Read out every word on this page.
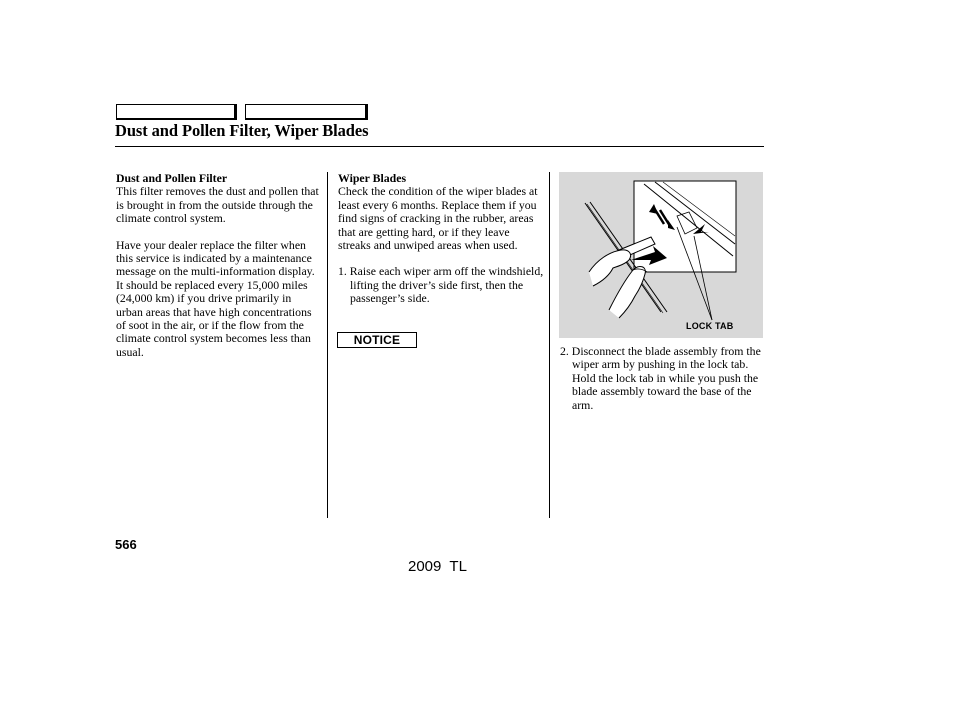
Dust and Pollen Filter, Wiper Blades

Dust and Pollen Filter

This filter removes the dust and pollen that is brought in from the outside through the climate control system.

Have your dealer replace the filter when this service is indicated by a maintenance message on the multi-information display. It should be replaced every 15,000 miles (24,000 km) if you drive primarily in urban areas that have high concentrations of soot in the air, or if the flow from the climate control system becomes less than usual.

Wiper Blades

Check the condition of the wiper blades at least every 6 months. Replace them if you find signs of cracking in the rubber, areas that are getting hard, or if they leave streaks and unwiped areas when used.

1. Raise each wiper arm off the windshield, lifting the driver’s side first, then the passenger’s side.

NOTICE
LOCK TAB

2. Disconnect the blade assembly from the wiper arm by pushing in the lock tab. Hold the lock tab in while you push the blade assembly toward the base of the arm.

566
2009  TL
